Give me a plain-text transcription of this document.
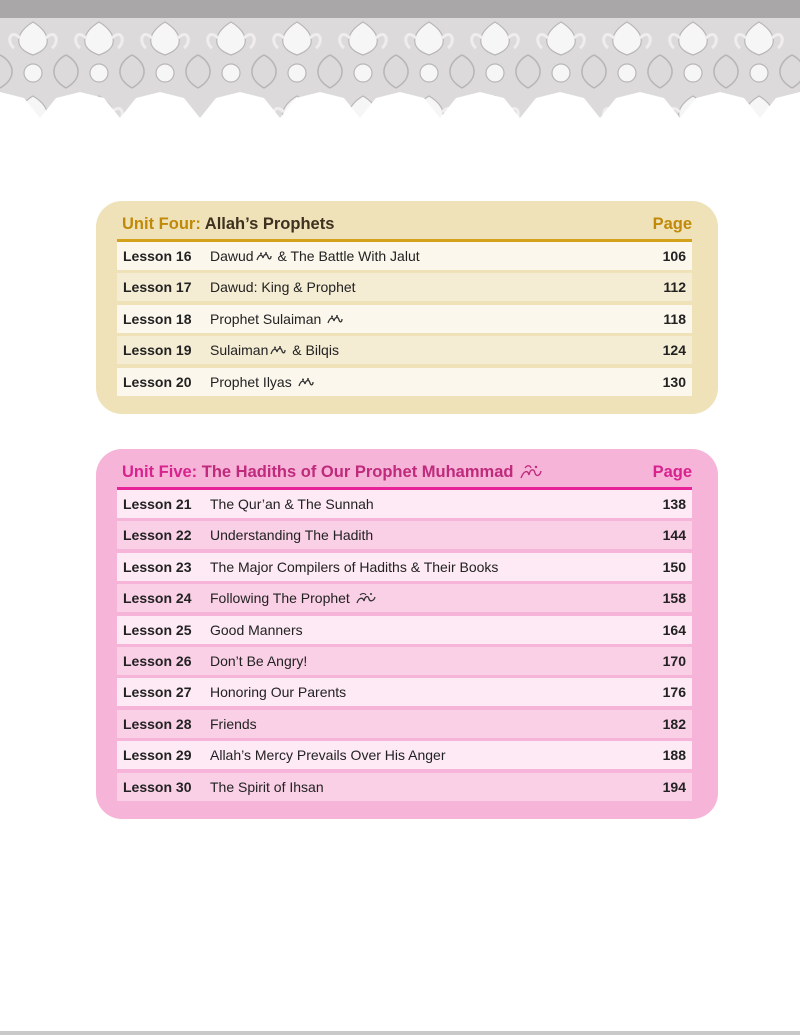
Unit Four: Allah’s Prophets	Page
Lesson 16 Dawud & The Battle With Jalut	106
Lesson 17 Dawud: King & Prophet	112
Lesson 18 Prophet Sulaiman	118
Lesson 19 Sulaiman & Bilqis	124
Lesson 20 Prophet Ilyas	130
Unit Five: The Hadiths of Our Prophet Muhammad	Page
Lesson 21 The Qur’an & The Sunnah	138
Lesson 22 Understanding The Hadith	144
Lesson 23 The Major Compilers of Hadiths & Their Books	150
Lesson 24 Following The Prophet	158
Lesson 25 Good Manners	164
Lesson 26 Don’t Be Angry!	170
Lesson 27 Honoring Our Parents	176
Lesson 28 Friends	182
Lesson 29 Allah’s Mercy Prevails Over His Anger	188
Lesson 30 The Spirit of Ihsan	194
